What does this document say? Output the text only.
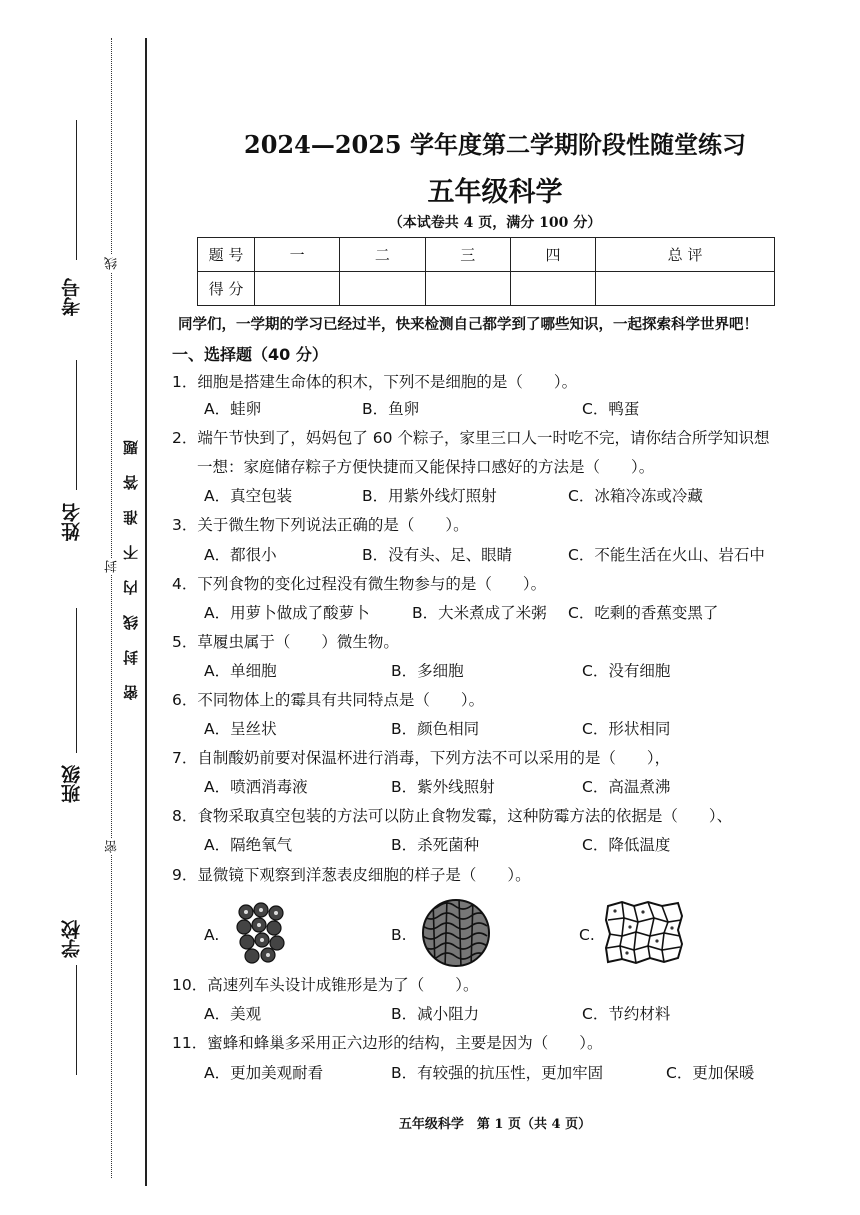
考号
姓名
班级
学校
线
封
密
密封线内不准答题
2024—2025 学年度第二学期阶段性随堂练习
五年级科学
（本试卷共 4 页，满分 100 分）
题 号	一	二	三	四	总 评
得 分					
同学们，一学期的学习已经过半，快来检测自己都学到了哪些知识，一起探索科学世界吧！
一、选择题（40 分）
1．细胞是搭建生命体的积木，下列不是细胞的是（　　）。
A．蛙卵	B．鱼卵	C．鸭蛋
2．端午节快到了，妈妈包了 60 个粽子，家里三口人一时吃不完，请你结合所学知识想
一想：家庭储存粽子方便快捷而又能保持口感好的方法是（　　）。
A．真空包装	B．用紫外线灯照射	C．冰箱冷冻或冷藏
3．关于微生物下列说法正确的是（　　）。
A．都很小	B．没有头、足、眼睛	C．不能生活在火山、岩石中
4．下列食物的变化过程没有微生物参与的是（　　）。
A．用萝卜做成了酸萝卜	B．大米煮成了米粥 C．吃剩的香蕉变黑了
5．草履虫属于（　　）微生物。
A．单细胞	B．多细胞	C．没有细胞
6．不同物体上的霉具有共同特点是（　　）。
A．呈丝状	B．颜色相同	C．形状相同
7．自制酸奶前要对保温杯进行消毒，下列方法不可以采用的是（　　），
A．喷洒消毒液	B．紫外线照射	C．高温煮沸
8．食物采取真空包装的方法可以防止食物发霉，这种防霉方法的依据是（　　）、
A．隔绝氧气	B．杀死菌种	C．降低温度
9．显微镜下观察到洋葱表皮细胞的样子是（　　）。
A.	B.	C.
10．高速列车头设计成锥形是为了（　　）。
A．美观	B．减小阻力	C．节约材料
11．蜜蜂和蜂巢多采用正六边形的结构，主要是因为（　　）。
A．更加美观耐看	B．有较强的抗压性，更加牢固	C．更加保暖
五年级科学　第 1 页（共 4 页）
